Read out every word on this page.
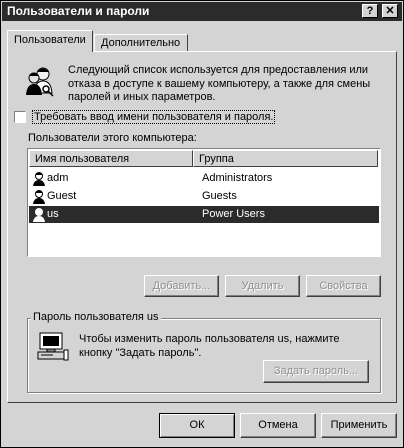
Пользователи и пароли	?	✕
Пользователи	Дополнительно
Следующий список используется для предоставления или отказа в доступе к вашему компьютеру, а также для смены паролей и иных параметров.
Требовать ввод имени пользователя и пароля.
Пользователи этого компьютера:
Имя пользователя	Группа
adm	Administrators
Guest	Guests
us	Power Users
Добавить...	Удалить	Свойства
Пароль пользователя us
Чтобы изменить пароль пользователя us, нажмите кнопку "Задать пароль".
Задать пароль...
ОК	Отмена	Применить
